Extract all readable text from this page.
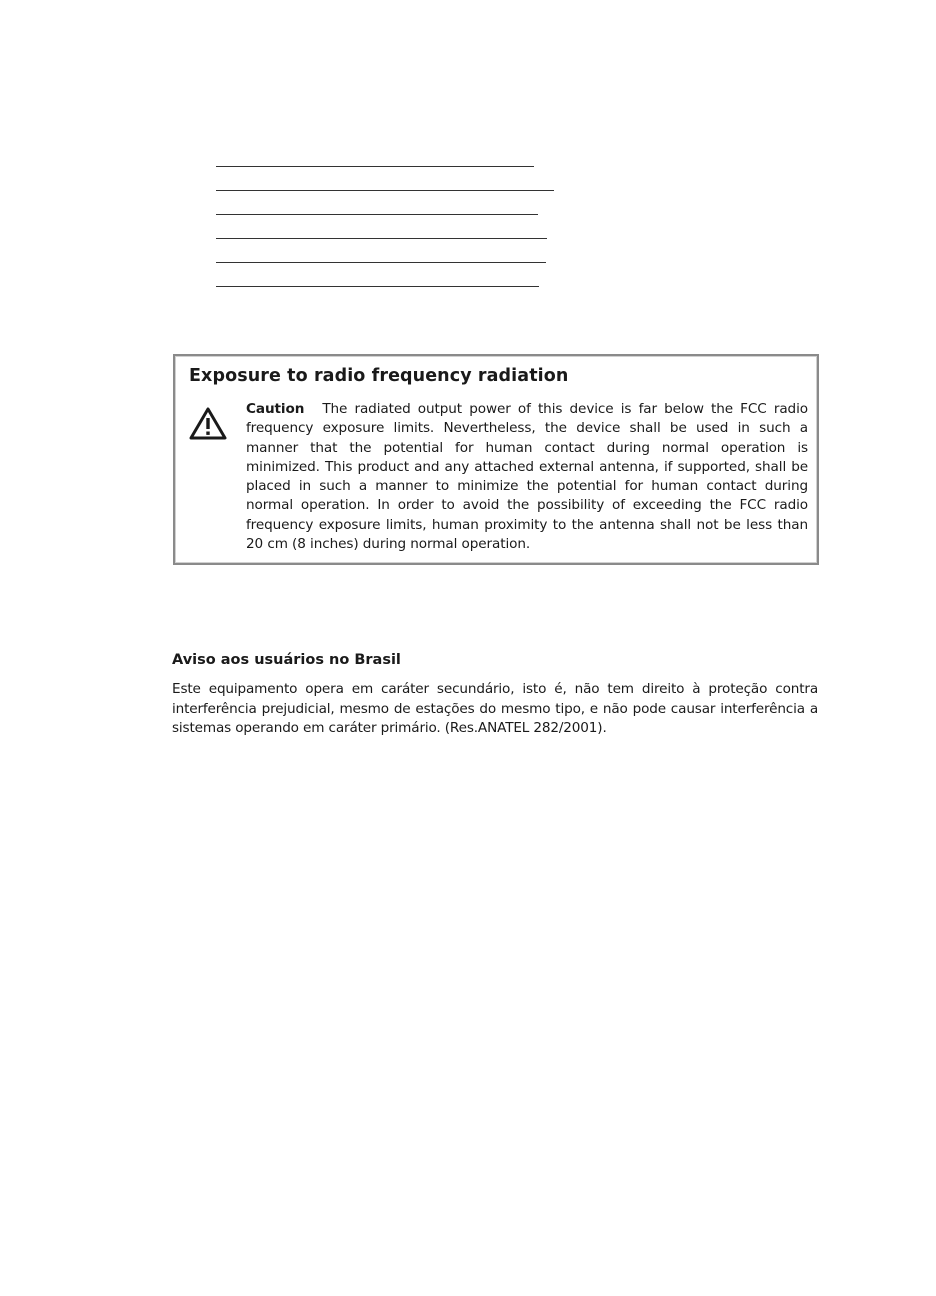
Exposure to radio frequency radiation
Caution The radiated output power of this device is far below the FCC radio frequency exposure limits. Nevertheless, the device shall be used in such a manner that the potential for human contact during normal operation is minimized. This product and any attached external antenna, if supported, shall be placed in such a manner to minimize the potential for human contact during normal operation. In order to avoid the possibility of exceeding the FCC radio frequency exposure limits, human proximity to the antenna shall not be less than 20 cm (8 inches) during normal operation.
Aviso aos usuários no Brasil
Este equipamento opera em caráter secundário, isto é, não tem direito à proteção contra interferência prejudicial, mesmo de estações do mesmo tipo, e não pode causar interferência a sistemas operando em caráter primário. (Res.ANATEL 282/2001).
